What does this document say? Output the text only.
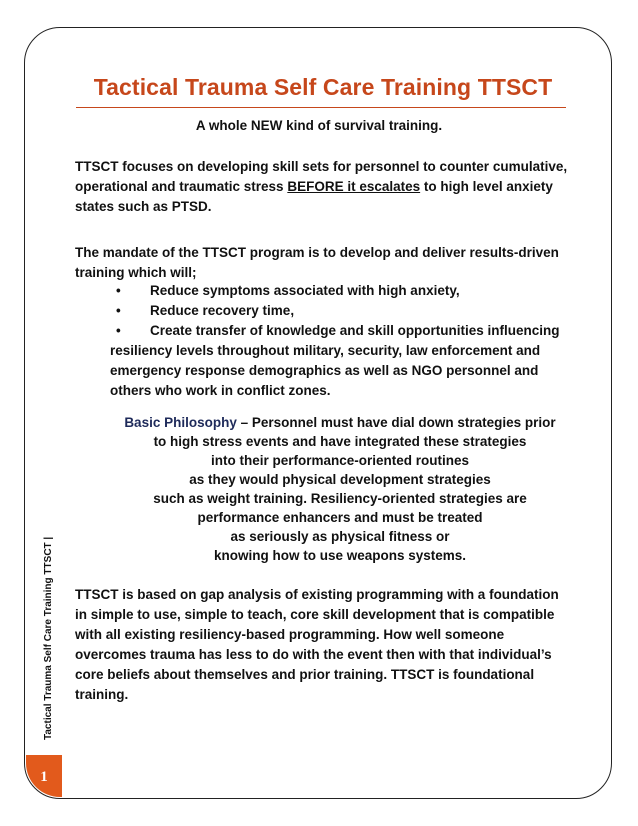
Tactical Trauma Self Care Training TTSCT
A whole NEW kind of survival training.
TTSCT focuses on developing skill sets for personnel to counter cumulative, operational and traumatic stress BEFORE it escalates to high level anxiety states such as PTSD.
The mandate of the TTSCT program is to develop and deliver results-driven training which will;
•	Reduce symptoms associated with high anxiety,
•	Reduce recovery time,
•	Create transfer of knowledge and skill opportunities influencing
resiliency levels throughout military, security, law enforcement and
emergency response demographics as well as NGO personnel and
others who work in conflict zones.
Basic Philosophy – Personnel must have dial down strategies prior
to high stress events and have integrated these strategies
into their performance-oriented routines
as they would physical development strategies
such as weight training. Resiliency-oriented strategies are
performance enhancers and must be treated
as seriously as physical fitness or
knowing how to use weapons systems.
TTSCT is based on gap analysis of existing programming with a foundation in simple to use, simple to teach, core skill development that is compatible with all existing resiliency-based programming. How well someone overcomes trauma has less to do with the event then with that individual’s core beliefs about themselves and prior training. TTSCT is foundational training.
Tactical Trauma Self Care Training TTSCT |
1
